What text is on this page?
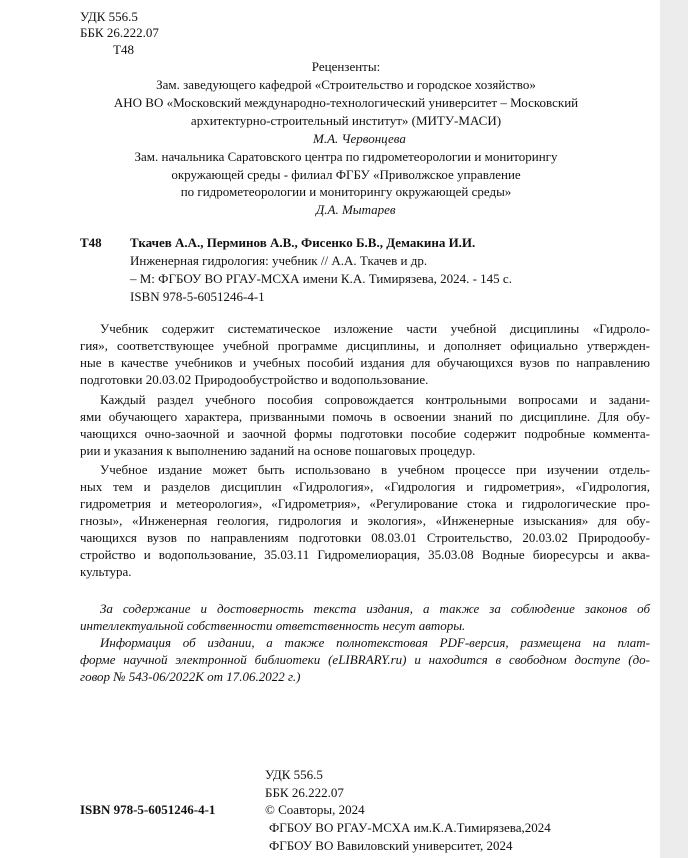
УДК 556.5
ББК 26.222.07
Т48
Рецензенты:
Зам. заведующего кафедрой «Строительство и городское хозяйство»
АНО ВО «Московский международно-технологический университет – Московский
архитектурно-строительный институт» (МИТУ-МАСИ)
М.А. Червонцева
Зам. начальника Саратовского центра по гидрометеорологии и мониторингу
окружающей среды - филиал ФГБУ «Приволжское управление
по гидрометеорологии и мониторингу окружающей среды»
Д.А. Мытарев
Т48 Ткачев А.А., Перминов А.В., Фисенко Б.В., Демакина И.И.
Инженерная гидрология: учебник // А.А. Ткачев и др.
– М: ФГБОУ ВО РГАУ-МСХА имени К.А. Тимирязева, 2024. - 145 с.
ISBN 978-5-6051246-4-1
Учебник содержит систематическое изложение части учебной дисциплины «Гидроло-
гия», соответствующее учебной программе дисциплины, и дополняет официально утвержден-
ные в качестве учебников и учебных пособий издания для обучающихся вузов по направлению
подготовки 20.03.02 Природообустройство и водопользование.
Каждый раздел учебного пособия сопровождается контрольными вопросами и задани-
ями обучающего характера, призванными помочь в освоении знаний по дисциплине. Для обу-
чающихся очно-заочной и заочной формы подготовки пособие содержит подробные коммента-
рии и указания к выполнению заданий на основе пошаговых процедур.
Учебное издание может быть использовано в учебном процессе при изучении отдель-
ных тем и разделов дисциплин «Гидрология», «Гидрология и гидрометрия», «Гидрология,
гидрометрия и метеорология», «Гидрометрия», «Регулирование стока и гидрологические про-
гнозы», «Инженерная геология, гидрология и экология», «Инженерные изыскания» для обу-
чающихся вузов по направлениям подготовки 08.03.01 Строительство, 20.03.02 Природообу-
стройство и водопользование, 35.03.11 Гидромелиорация, 35.03.08 Водные биоресурсы и аква-
культура.
За содержание и достоверность текста издания, а также за соблюдение законов об
интеллектуальной собственности ответственность несут авторы.
Информация об издании, а также полнотекстовая PDF-версия, размещена на плат-
форме научной электронной библиотеки (eLIBRARY.ru) и находится в свободном доступе (до-
говор № 543-06/2022К от 17.06.2022 г.)
УДК 556.5
ББК 26.222.07
ISBN 978-5-6051246-4-1	© Соавторы, 2024
ФГБОУ ВО РГАУ-МСХА им.К.А.Тимирязева,2024
ФГБОУ ВО Вавиловский университет, 2024
